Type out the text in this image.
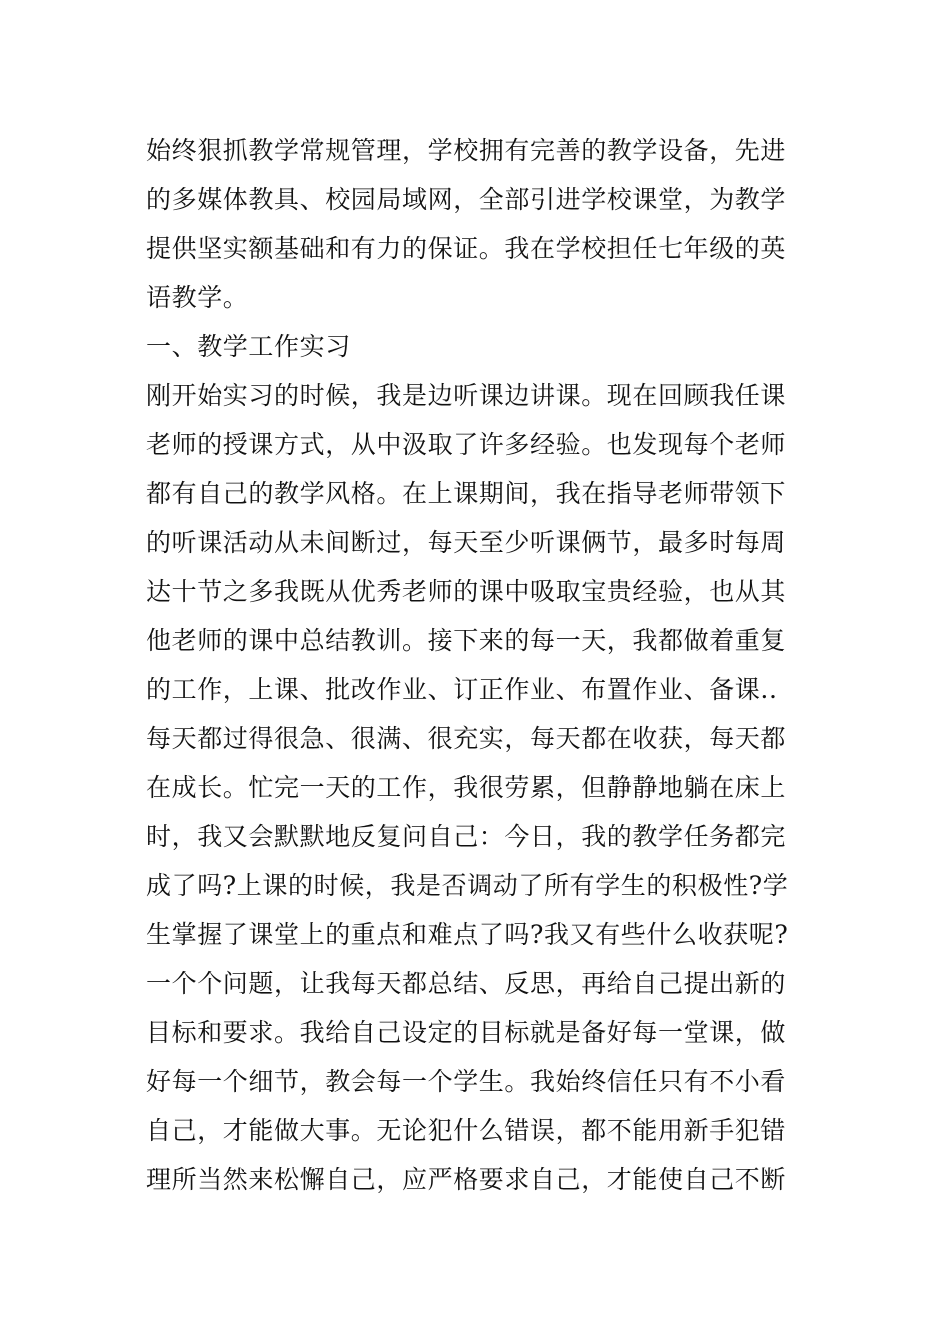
始终狠抓教学常规管理，学校拥有完善的教学设备，先进
的多媒体教具、校园局域网，全部引进学校课堂，为教学
提供坚实额基础和有力的保证。我在学校担任七年级的英
语教学。
一、教学工作实习
刚开始实习的时候，我是边听课边讲课。现在回顾我任课
老师的授课方式，从中汲取了许多经验。也发现每个老师
都有自己的教学风格。在上课期间，我在指导老师带领下
的听课活动从未间断过，每天至少听课俩节，最多时每周
达十节之多我既从优秀老师的课中吸取宝贵经验，也从其
他老师的课中总结教训。接下来的每一天，我都做着重复
的工作，上课、批改作业、订正作业、布置作业、备课..
每天都过得很急、很满、很充实，每天都在收获，每天都
在成长。忙完一天的工作，我很劳累，但静静地躺在床上
时，我又会默默地反复问自己：今日，我的教学任务都完
成了吗?上课的时候，我是否调动了所有学生的积极性?学
生掌握了课堂上的重点和难点了吗?我又有些什么收获呢?
一个个问题，让我每天都总结、反思，再给自己提出新的
目标和要求。我给自己设定的目标就是备好每一堂课，做
好每一个细节，教会每一个学生。我始终信任只有不小看
自己，才能做大事。无论犯什么错误，都不能用新手犯错
理所当然来松懈自己，应严格要求自己，才能使自己不断
